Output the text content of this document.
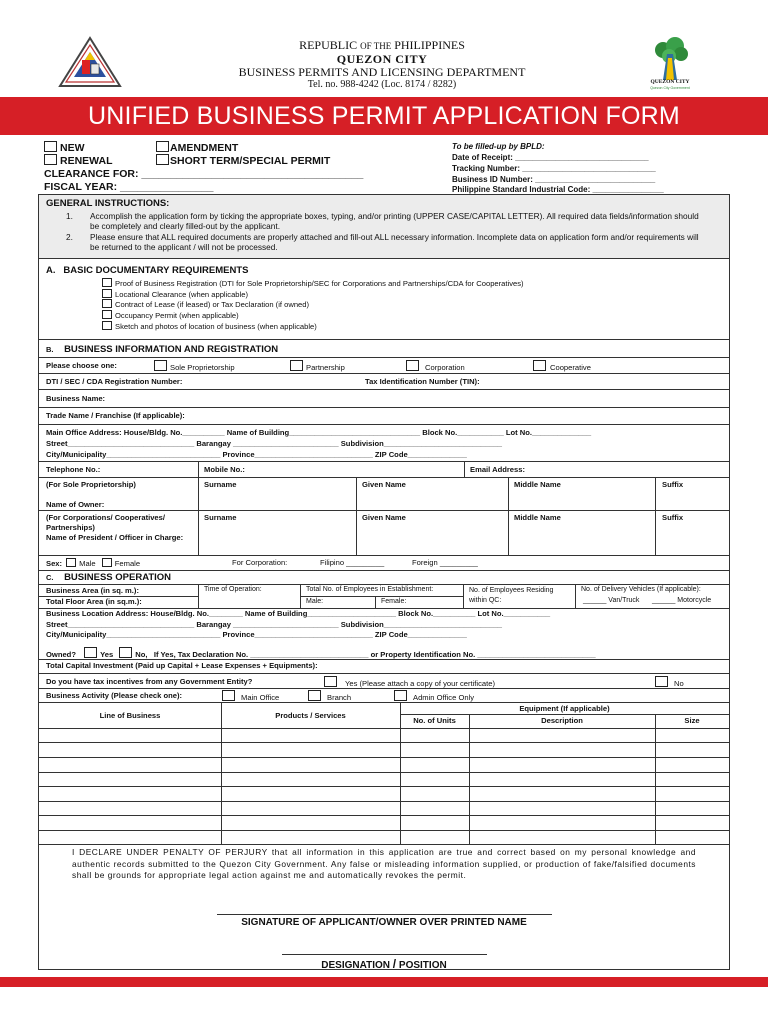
QUEZON CITY
Quezon City Government
REPUBLIC OF THE PHILIPPINES
QUEZON CITY
BUSINESS PERMITS AND LICENSING DEPARTMENT
Tel. no. 988-4242 (Loc. 8174 / 8282)
UNIFIED BUSINESS PERMIT APPLICATION FORM
NEW	AMENDMENT
RENEWAL	SHORT TERM/SPECIAL PERMIT
CLEARANCE FOR: ______________________________________
FISCAL YEAR: ________________
To be filled-up by BPLD:
Date of Receipt: ______________________________
Tracking Number: ______________________________
Business ID Number: ___________________________
Philippine Standard Industrial Code: ________________
GENERAL INSTRUCTIONS:
1. Accomplish the application form by ticking the appropriate boxes, typing, and/or printing (UPPER CASE/CAPITAL LETTER). All required data fields/information should be completely and clearly filled-out by the applicant.
2. Please ensure that ALL required documents are properly attached and fill-out ALL necessary information. Incomplete data on application form and/or requirements will be returned to the applicant / will not be processed.
A. BASIC DOCUMENTARY REQUIREMENTS
Proof of Business Registration (DTI for Sole Proprietorship/SEC for Corporations and Partnerships/CDA for Cooperatives)
Locational Clearance (when applicable)
Contract of Lease (if leased) or Tax Declaration (if owned)
Occupancy Permit (when applicable)
Sketch and photos of location of business (when applicable)
B. BUSINESS INFORMATION AND REGISTRATION
Please choose one:	Sole Proprietorship	Partnership	Corporation	Cooperative
DTI / SEC / CDA Registration Number:	Tax Identification Number (TIN):
Business Name:
Trade Name / Franchise (If applicable):
Main Office Address: House/Bldg. No.__________ Name of Building_______________________________ Block No.___________ Lot No.______________
Street______________________________ Barangay _________________________ Subdivision____________________________
City/Municipality___________________________ Province____________________________ ZIP Code______________
Telephone No.:	Mobile No.:	Email Address:
(For Sole Proprietorship)

Name of Owner:
Surname	Given Name	Middle Name	Suffix
(For Corporations/ Cooperatives/ Partnerships)
Name of President / Officer in Charge:
Surname	Given Name	Middle Name	Suffix
Sex: Male	Female	For Corporation:	Filipino _________	Foreign _________
C. BUSINESS OPERATION
Business Area (in sq. m.):
Total Floor Area (in sq.m.):
Time of Operation:	Total No. of Employees in Establishment:
Male:	Female:
No. of Employees Residing within QC:
No. of Delivery Vehicles (If applicable):
______ Van/Truck ______ Motorcycle
Business Location Address: House/Bldg. No.________ Name of Building_____________________ Block No.__________ Lot No.___________
Street______________________________ Barangay _________________________ Subdivision____________________________
City/Municipality___________________________ Province____________________________ ZIP Code______________
Owned?	Yes	No, If Yes, Tax Declaration No. ____________________________ or Property Identification No. ____________________________
Total Capital Investment (Paid up Capital + Lease Expenses + Equipments):
Do you have tax incentives from any Government Entity?	Yes (Please attach a copy of your certificate)	No
Business Activity (Please check one):	Main Office	Branch	Admin Office Only
Line of Business	Products / Services
Equipment (If applicable)
No. of Units	Description	Size
I DECLARE UNDER PENALTY OF PERJURY that all information in this application are true and correct based on my personal knowledge and authentic records submitted to the Quezon City Government. Any false or misleading information supplied, or production of fake/falsified documents shall be grounds for appropriate legal action against me and automatically revokes the permit.
SIGNATURE OF APPLICANT/OWNER OVER PRINTED NAME
DESIGNATION / POSITION
